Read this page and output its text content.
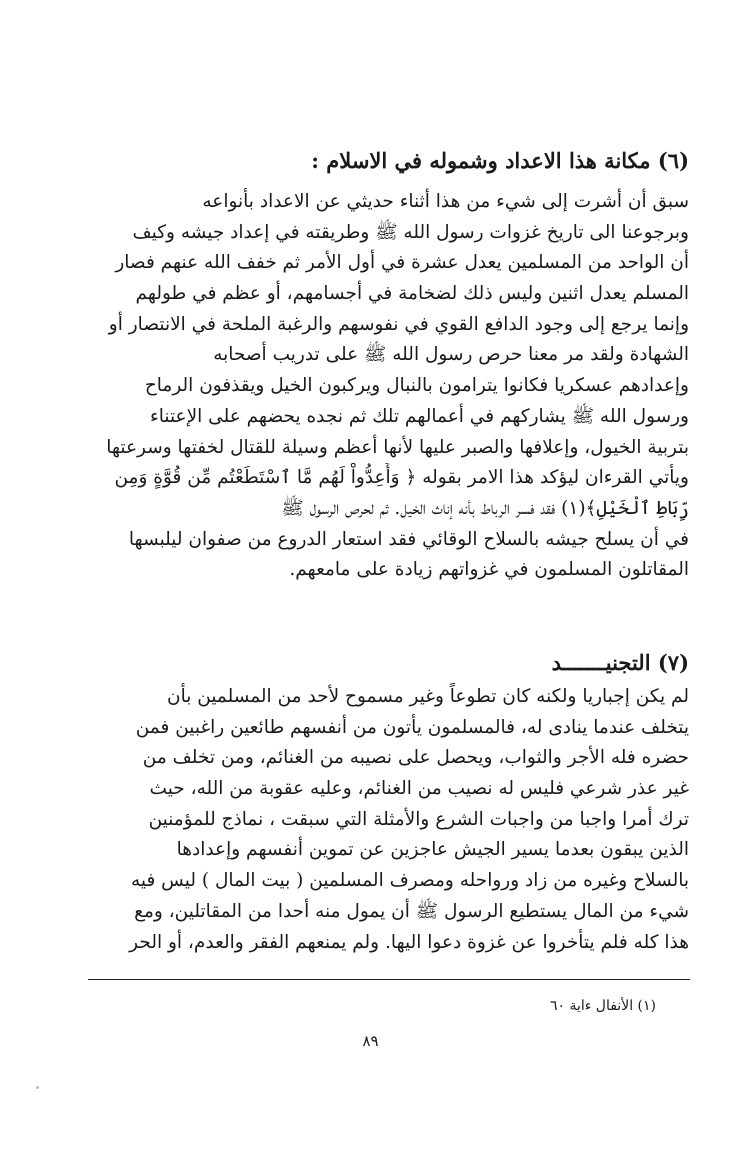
(٦) مكانة هذا الاعداد وشموله في الاسلام :
سبق أن أشرت إلى شيء من هذا أثناء حديثي عن الاعداد بأنواعه
وبرجوعنا الى تاريخ غزوات رسول الله ﷺ وطريقته في إعداد جيشه وكيف
أن الواحد من المسلمين يعدل عشرة في أول الأمر ثم خفف الله عنهم فصار
المسلم يعدل اثنين وليس ذلك لضخامة في أجسامهم، أو عظم في طولهم
وإنما يرجع إلى وجود الدافع القوي في نفوسهم والرغبة الملحة في الانتصار أو
الشهادة ولقد مر معنا حرص رسول الله ﷺ على تدريب أصحابه
وإعدادهم عسكريا فكانوا يترامون بالنبال ويركبون الخيل ويقذفون الرماح
ورسول الله ﷺ يشاركهم في أعمالهم تلك ثم نجده يحضهم على الإعتناء
بتربية الخيول، وإعلافها والصبر عليها لأنها أعظم وسيلة للقتال لخفتها وسرعتها
ويأتي القرءان ليؤكد هذا الامر بقوله ﴿ وَأَعِدُّواْ لَهُم مَّا ٱسْتَطَعْتُم مِّن قُوَّةٍ وَمِن
رِّبَاطِ ٱلْخَيْلِ﴾(١) فقد فسر الرباط بأنه إناث الخيل. ثم لحرص الرسول ﷺ
في أن يسلح جيشه بالسلاح الوقائي فقد استعار الدروع من صفوان ليلبسها
المقاتلون المسلمون في غزواتهم زيادة على مامعهم.
(٧) التجنيـــــــد
لم يكن إجباريا ولكنه كان تطوعاً وغير مسموح لأحد من المسلمين بأن
يتخلف عندما ينادى له، فالمسلمون يأتون من أنفسهم طائعين راغبين فمن
حضره فله الأجر والثواب، ويحصل على نصيبه من الغنائم، ومن تخلف من
غير عذر شرعي فليس له نصيب من الغنائم، وعليه عقوبة من الله، حيث
ترك أمرا واجبا من واجبات الشرع والأمثلة التي سبقت ، نماذج للمؤمنين
الذين يبقون بعدما يسير الجيش عاجزين عن تموين أنفسهم وإعدادها
بالسلاح وغيره من زاد ورواحله ومصرف المسلمين ( بيت المال ) ليس فيه
شيء من المال يستطيع الرسول ﷺ أن يمول منه أحدا من المقاتلين، ومع
هذا كله فلم يتأخروا عن غزوة دعوا اليها. ولم يمنعهم الفقر والعدم، أو الحر
(١) الأنفال ءاية ٦٠
٨٩
